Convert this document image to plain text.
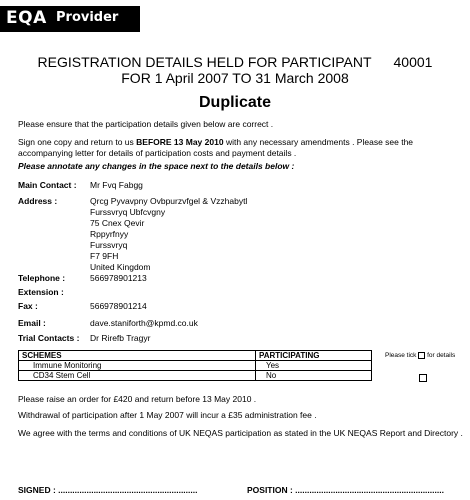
EQA Provider
REGISTRATION DETAILS HELD FOR PARTICIPANT 40001
FOR 1 April 2007 TO 31 March 2008
Duplicate
Please ensure that the participation details given below are correct .
Sign one copy and return to us BEFORE 13 May 2010 with any necessary amendments . Please see the accompanying letter for details of participation costs and payment details .
Please annotate any changes in the space next to the details below :
Main Contact : Mr Fvq Fabgg
Address :	Qrcg Pyvavpny Ovbpurzvfgel & Vzzhabytl
Furssvryq Ubfcvgny
75 Cnex Qevir
Rppyrfnyy
Furssvryq
F7 9FH
United Kingdom
Telephone :	566978901213
Extension :
Fax :	566978901214
Email :	dave.staniforth@kpmd.co.uk
Trial Contacts : Dr Rirefb Tragyr
SCHEMES	PARTICIPATING
Immune Monitoring	Yes
CD34 Stem Cell	No
Please tick for details
Please raise an order for £420 and return before 13 May 2010 .
Withdrawal of participation after 1 May 2007 will incur a £35 administration fee .
We agree with the terms and conditions of UK NEQAS participation as stated in the UK NEQAS Report and Directory .
SIGNED : ...........................................................	POSITION : ...............................................................
